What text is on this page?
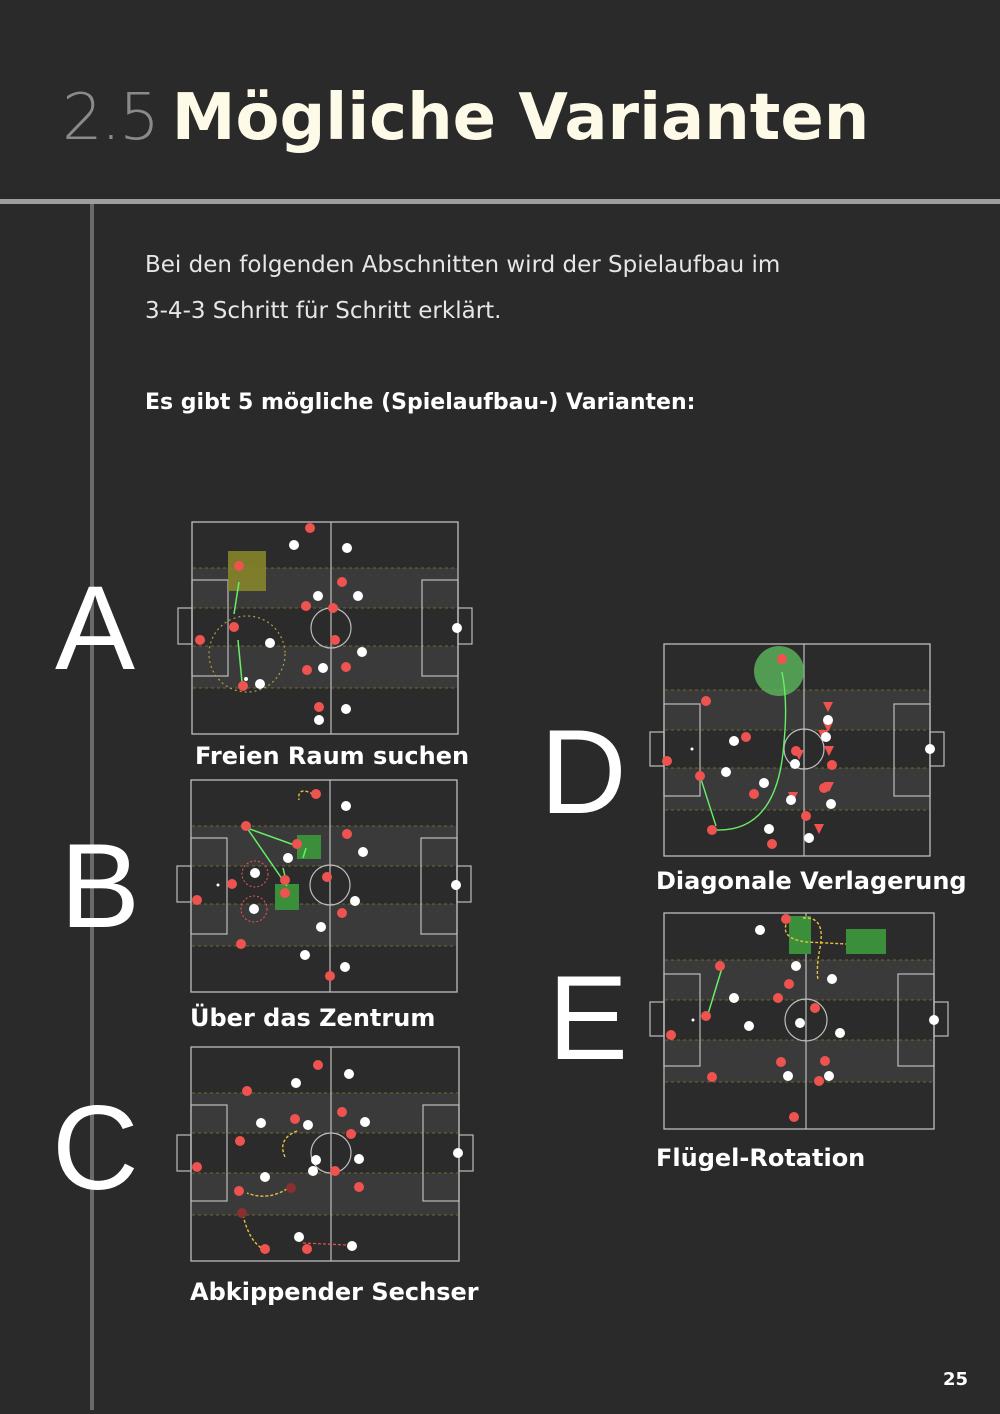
2.5 Mögliche Varianten

Bei den folgenden Abschnitten wird der Spielaufbau im
3-4-3 Schritt für Schritt erklärt.

Es gibt 5 mögliche (Spielaufbau-) Varianten:

A
B
C
D
E
Freien Raum suchen
Über das Zentrum
Abkippender Sechser
Diagonale Verlagerung
Flügel-Rotation
25
